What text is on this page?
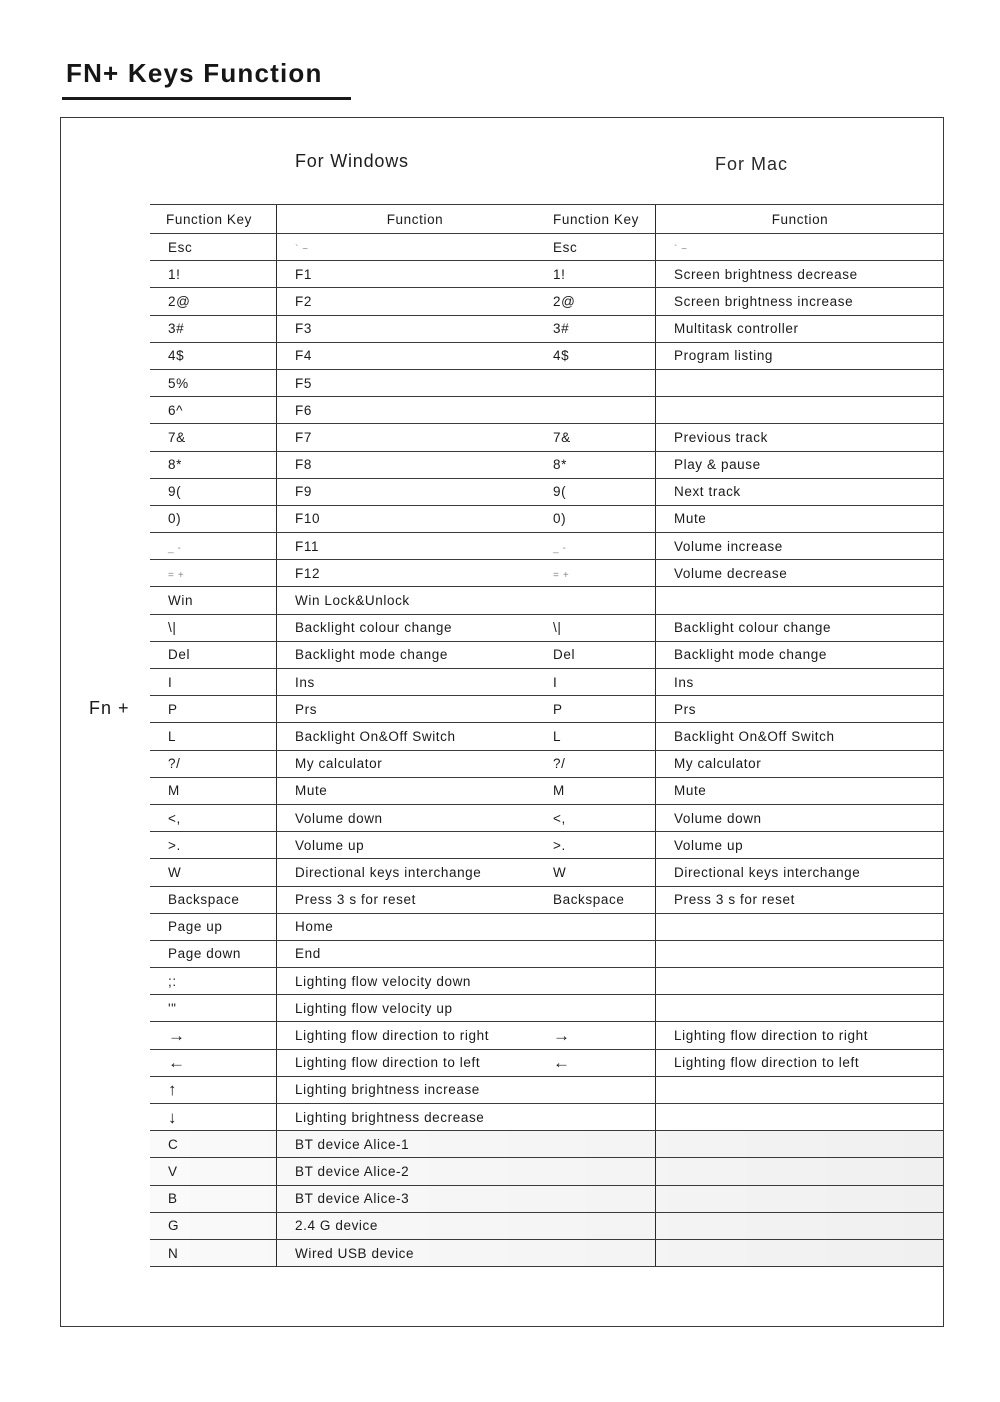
FN+ Keys Function
For Windows	For Mac
Fn +
Function Key	Function	Function Key	Function
Esc	` ~	Esc	` ~
1!	F1	1!	Screen brightness decrease
2@	F2	2@	Screen brightness increase
3#	F3	3#	Multitask controller
4$	F4	4$	Program listing
5%	F5		
6^	F6		
7&	F7	7&	Previous track
8*	F8	8*	Play & pause
9(	F9	9(	Next track
0)	F10	0)	Mute
_ -	F11	_ -	Volume increase
= +	F12	= +	Volume decrease
Win	Win Lock&Unlock		
\|	Backlight colour change	\|	Backlight colour change
Del	Backlight mode change	Del	Backlight mode change
I	Ins	I	Ins
P	Prs	P	Prs
L	Backlight On&Off Switch	L	Backlight On&Off Switch
?/	My calculator	?/	My calculator
M	Mute	M	Mute
<,	Volume down	<,	Volume down
>.	Volume up	>.	Volume up
W	Directional keys interchange	W	Directional keys interchange
Backspace	Press 3 s for reset	Backspace	Press 3 s for reset
Page up	Home		
Page down	End		
;:	Lighting flow velocity down		
'"	Lighting flow velocity up		
→	Lighting flow direction to right	→	Lighting flow direction to right
←	Lighting flow direction to left	←	Lighting flow direction to left
↑	Lighting brightness increase		
↓	Lighting brightness decrease		
C	BT device Alice-1		
V	BT device Alice-2		
B	BT device Alice-3		
G	2.4 G device		
N	Wired USB device		
